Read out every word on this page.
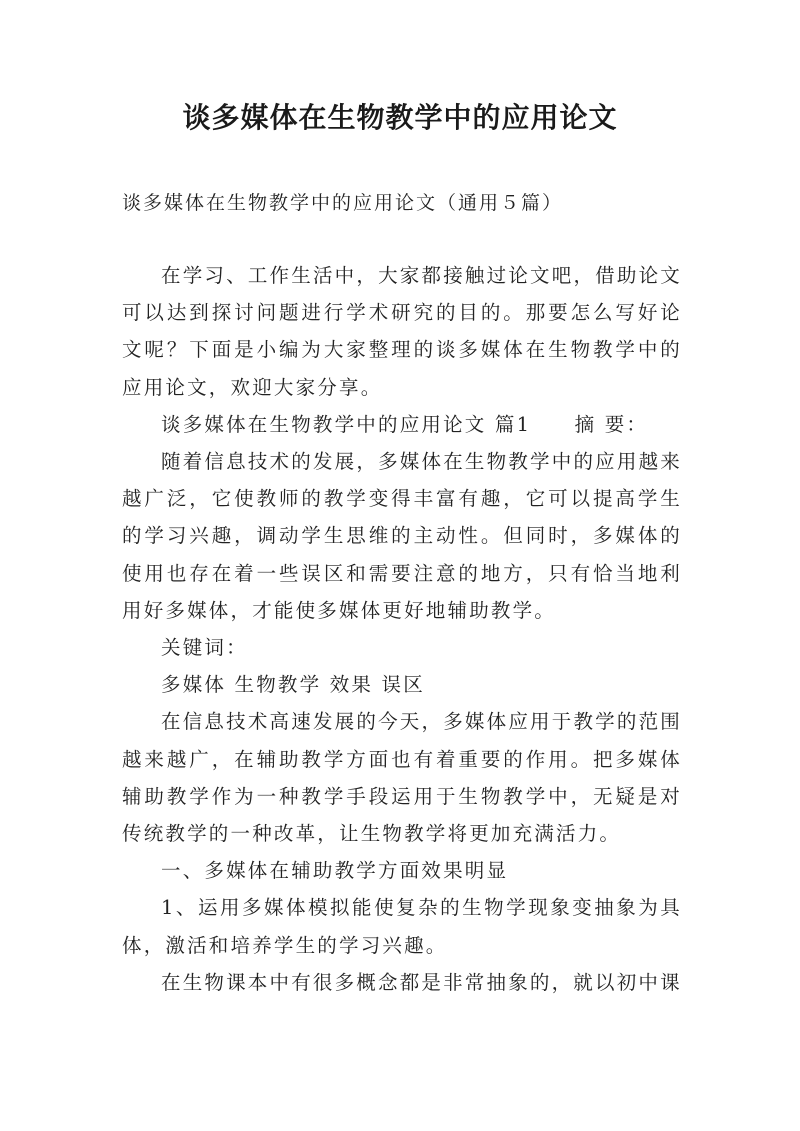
谈多媒体在生物教学中的应用论文
谈多媒体在生物教学中的应用论文（通用５篇）

在学习、工作生活中，大家都接触过论文吧，借助论文可以达到探讨问题进行学术研究的目的。那要怎么写好论文呢？下面是小编为大家整理的谈多媒体在生物教学中的应用论文，欢迎大家分享。

谈多媒体在生物教学中的应用论文 篇1　　摘 要：

随着信息技术的发展，多媒体在生物教学中的应用越来越广泛，它使教师的教学变得丰富有趣，它可以提高学生的学习兴趣，调动学生思维的主动性。但同时，多媒体的使用也存在着一些误区和需要注意的地方，只有恰当地利用好多媒体，才能使多媒体更好地辅助教学。

关键词：

多媒体 生物教学 效果 误区

在信息技术高速发展的今天，多媒体应用于教学的范围越来越广，在辅助教学方面也有着重要的作用。把多媒体辅助教学作为一种教学手段运用于生物教学中，无疑是对传统教学的一种改革，让生物教学将更加充满活力。

一、多媒体在辅助教学方面效果明显

1、运用多媒体模拟能使复杂的生物学现象变抽象为具体，激活和培养学生的学习兴趣。

在生物课本中有很多概念都是非常抽象的，就以初中课
